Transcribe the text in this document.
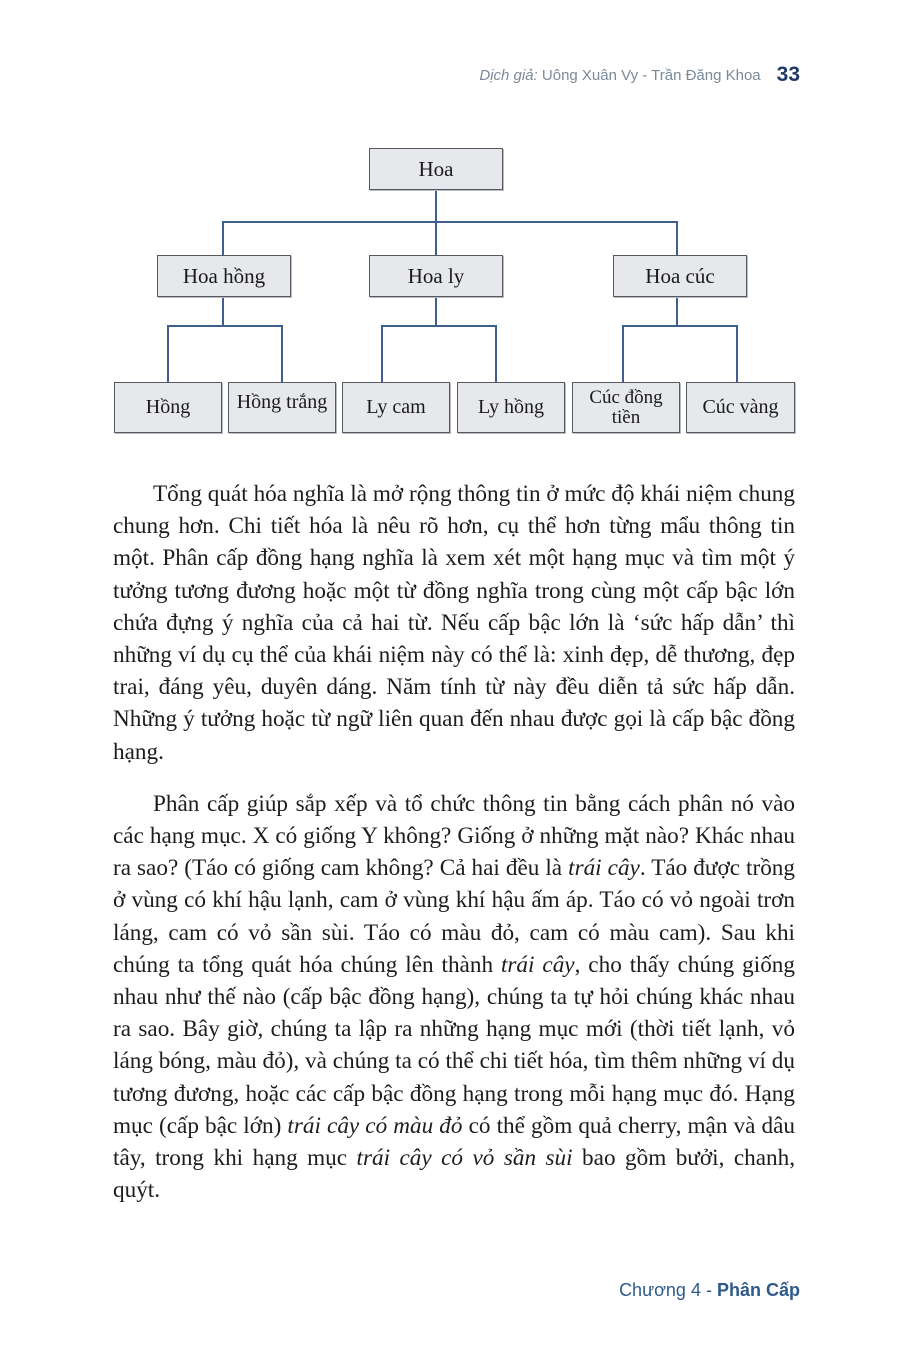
Dịch giả: Uông Xuân Vy - Trần Đăng Khoa 33
Hoa
Hoa hồng	Hoa ly	Hoa cúc
Hồng	Hồng trắng	Ly cam	Ly hồng	Cúc đồng tiền	Cúc vàng

Tổng quát hóa nghĩa là mở rộng thông tin ở mức độ khái niệm chung chung hơn. Chi tiết hóa là nêu rõ hơn, cụ thể hơn từng mẩu thông tin một. Phân cấp đồng hạng nghĩa là xem xét một hạng mục và tìm một ý tưởng tương đương hoặc một từ đồng nghĩa trong cùng một cấp bậc lớn chứa đựng ý nghĩa của cả hai từ. Nếu cấp bậc lớn là ‘sức hấp dẫn’ thì những ví dụ cụ thể của khái niệm này có thể là: xinh đẹp, dễ thương, đẹp trai, đáng yêu, duyên dáng. Năm tính từ này đều diễn tả sức hấp dẫn. Những ý tưởng hoặc từ ngữ liên quan đến nhau được gọi là cấp bậc đồng hạng.

Phân cấp giúp sắp xếp và tổ chức thông tin bằng cách phân nó vào các hạng mục. X có giống Y không? Giống ở những mặt nào? Khác nhau ra sao? (Táo có giống cam không? Cả hai đều là trái cây. Táo được trồng ở vùng có khí hậu lạnh, cam ở vùng khí hậu ấm áp. Táo có vỏ ngoài trơn láng, cam có vỏ sần sùi. Táo có màu đỏ, cam có màu cam). Sau khi chúng ta tổng quát hóa chúng lên thành trái cây, cho thấy chúng giống nhau như thế nào (cấp bậc đồng hạng), chúng ta tự hỏi chúng khác nhau ra sao. Bây giờ, chúng ta lập ra những hạng mục mới (thời tiết lạnh, vỏ láng bóng, màu đỏ), và chúng ta có thể chi tiết hóa, tìm thêm những ví dụ tương đương, hoặc các cấp bậc đồng hạng trong mỗi hạng mục đó. Hạng mục (cấp bậc lớn) trái cây có màu đỏ có thể gồm quả cherry, mận và dâu tây, trong khi hạng mục trái cây có vỏ sần sùi bao gồm bưởi, chanh, quýt.

Chương 4 - Phân Cấp
